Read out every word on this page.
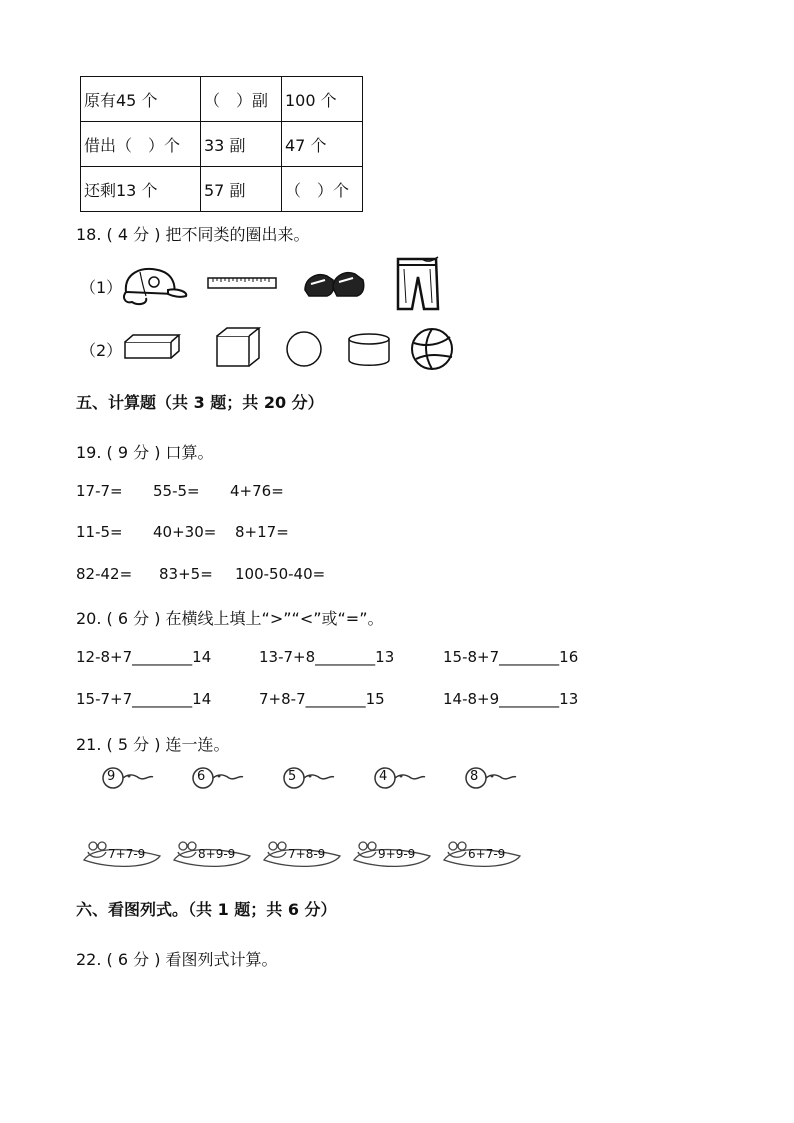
原有45 个	（　）副	100 个
借出（　）个	33 副	47 个
还剩13 个	57 副	（　）个
18. ( 4 分 ) 把不同类的圈出来。
（1）
（2）
五、计算题（共 3 题；共 20 分）
19. ( 9 分 ) 口算。
17-7= 55-5= 4+76=
11-5= 40+30= 8+17=
82-42= 83+5= 100-50-40=
20. ( 6 分 ) 在横线上填上“>”“<”或“=”。
12-8+7________14	13-7+8________13	15-8+7________16
15-7+7________14	7+8-7________15	14-8+9________13
21. ( 5 分 ) 连一连。
9	6	5	4	8
7+7-9	8+9-9	7+8-9	9+9-9	6+7-9
六、看图列式。（共 1 题；共 6 分）
22. ( 6 分 ) 看图列式计算。
